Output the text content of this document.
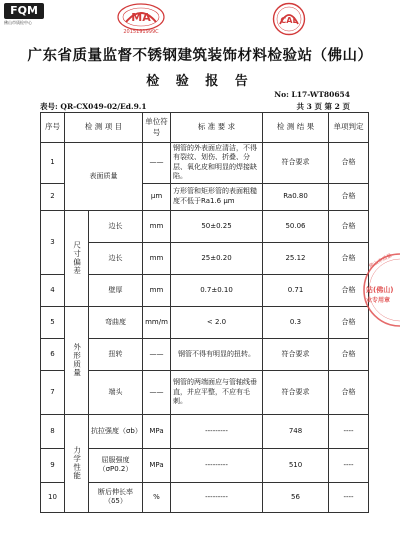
FQM
佛山市质检中心	MA
2015191999C
CAL
广东省质量监督不锈钢建筑装饰材料检验站（佛山）
检 验 报 告
No: L17-WT80654
表号: QR-CX049-02/Ed.9.1	共 3 页 第 2 页
序号	检 测 项 目		单位符号	标 准 要 求	检 测 结 果	单项判定
1	表面质量		——	钢管的外表面应清洁，不得有裂纹、划伤、折叠、分层、氧化皮和明显的焊接缺陷。	符合要求	合格
2			μm	方形管和矩形管的表面粗糙度不低于Ra1.6 μm	Ra0.80	合格
3	尺寸偏差	边长	mm	50±0.25	50.06	合格
		边长	mm	25±0.20	25.12	合格
4		壁厚	mm	0.7±0.10	0.71	合格
5	外形质量	弯曲度	mm/m	< 2.0	0.3	合格
6		扭转	——	钢管不得有明显的扭转。	符合要求	合格
7		端头	——	钢管的两端面应与管轴线垂直，并应平整，不应有毛刺。	符合要求	合格
8	力学性能	抗拉强度（σb）	MPa	---------	748	----
9		屈服强度（σP0.2）	MPa	---------	510	----
10		断后伸长率（δ5）	%	---------	56	----
佛山市质量
站(佛山)
业专用章
